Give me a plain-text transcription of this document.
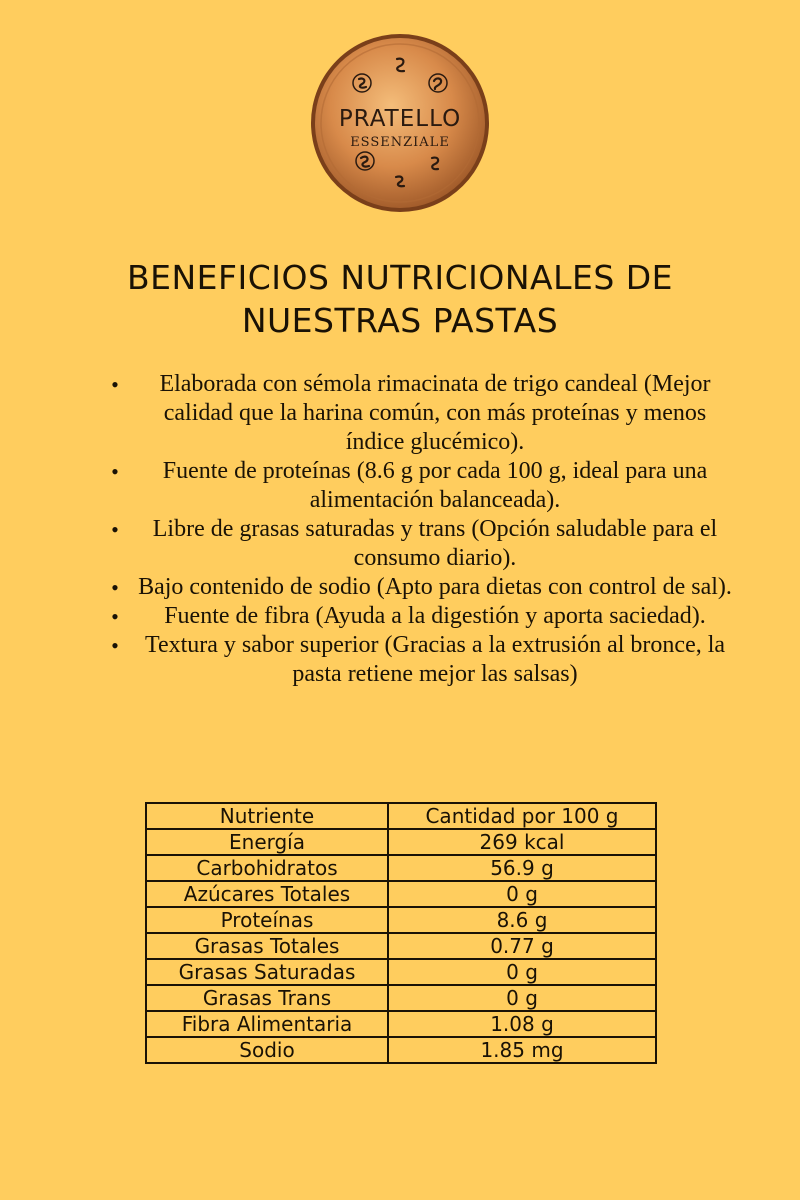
PRATELLO
ESSENZIALE
BENEFICIOS NUTRICIONALES DE
NUESTRAS PASTAS
•	Elaborada con sémola rimacinata de trigo candeal (Mejor calidad que la harina común, con más proteínas y menos índice glucémico).
•	Fuente de proteínas (8.6 g por cada 100 g, ideal para una alimentación balanceada).
•	Libre de grasas saturadas y trans (Opción saludable para el consumo diario).
• Bajo contenido de sodio (Apto para dietas con control de sal).
•	Fuente de fibra (Ayuda a la digestión y aporta saciedad).
•	Textura y sabor superior (Gracias a la extrusión al bronce, la pasta retiene mejor las salsas)
Nutriente	Cantidad por 100 g
Energía	269 kcal
Carbohidratos	56.9 g
Azúcares Totales	0 g
Proteínas	8.6 g
Grasas Totales	0.77 g
Grasas Saturadas	0 g
Grasas Trans	0 g
Fibra Alimentaria	1.08 g
Sodio	1.85 mg
